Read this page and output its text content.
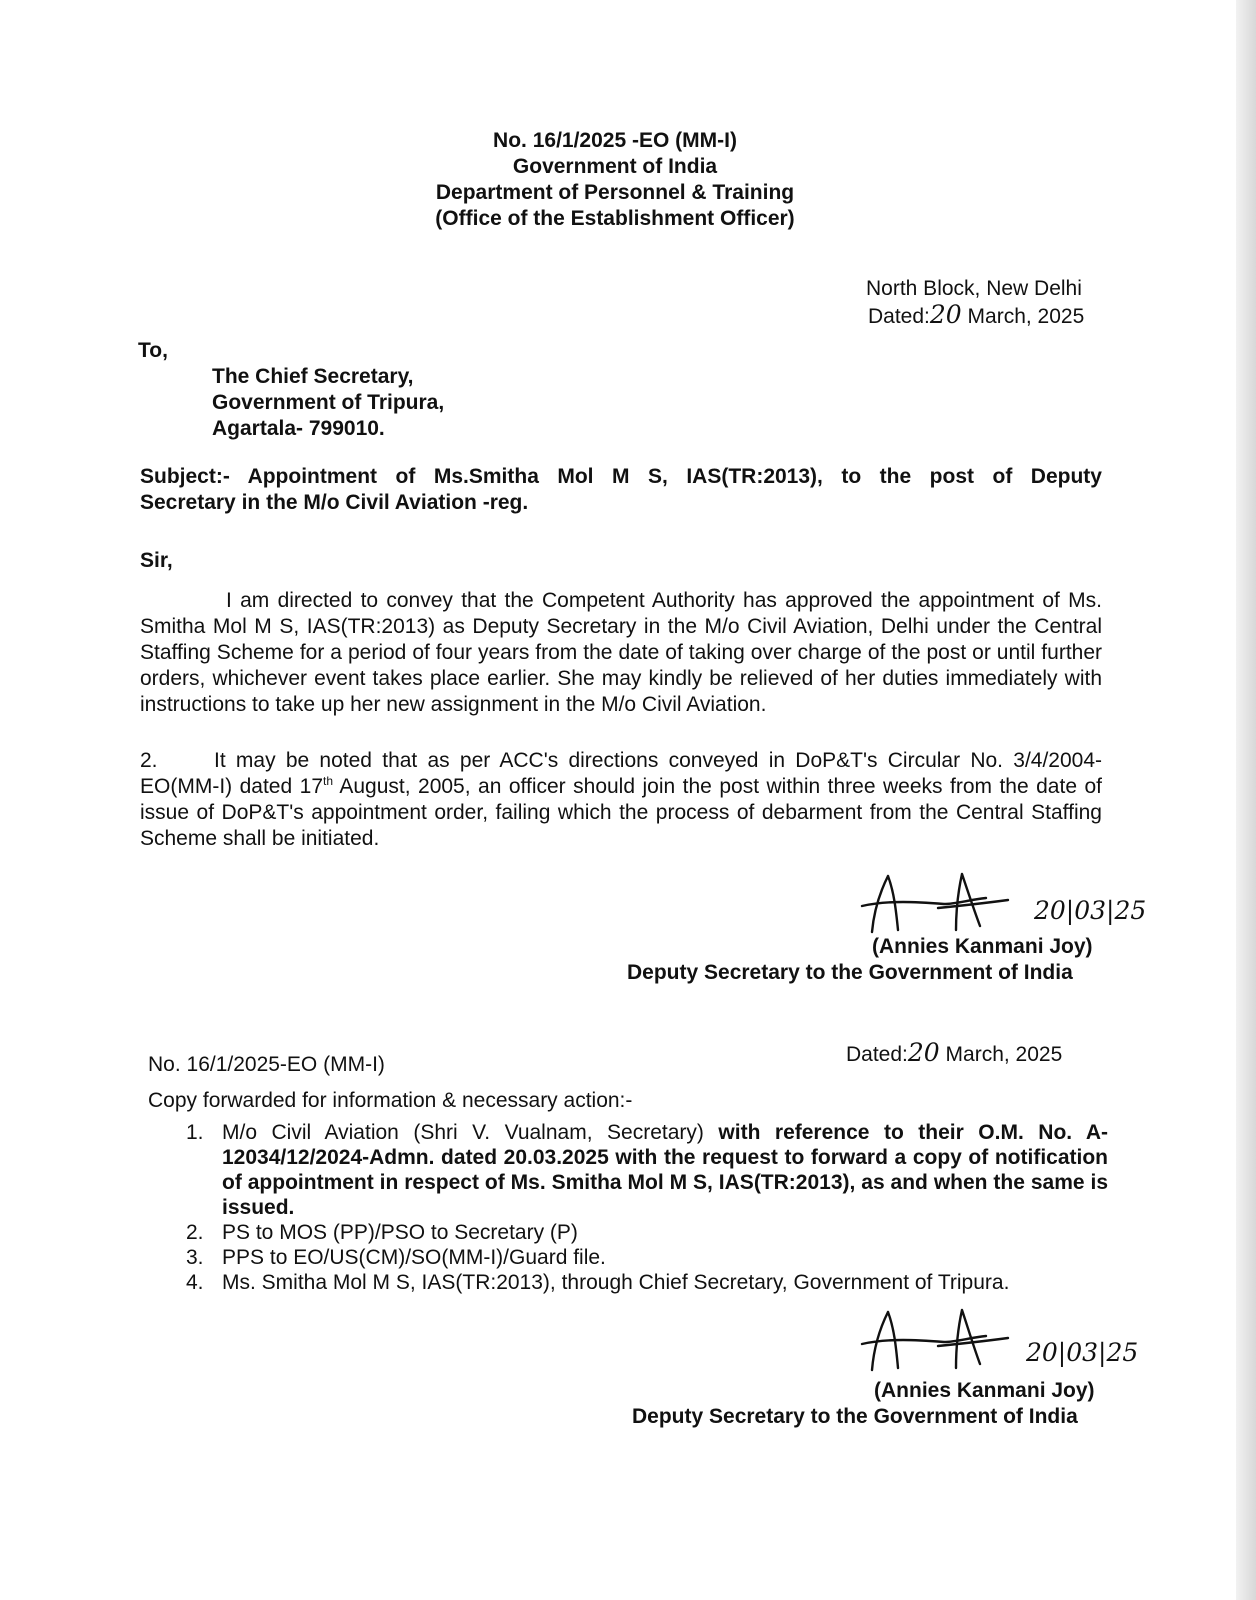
No. 16/1/2025 -EO (MM-I)
Government of India
Department of Personnel & Training
(Office of the Establishment Officer)
North Block, New Delhi
Dated:20 March, 2025
To,
The Chief Secretary,
Government of Tripura,
Agartala- 799010.
Subject:- Appointment of Ms.Smitha Mol M S, IAS(TR:2013), to the post of Deputy
Secretary in the M/o Civil Aviation -reg.
Sir,
I am directed to convey that the Competent Authority has approved the appointment of Ms. Smitha Mol M S, IAS(TR:2013) as Deputy Secretary in the M/o Civil Aviation, Delhi under the Central Staffing Scheme for a period of four years from the date of taking over charge of the post or until further orders, whichever event takes place earlier. She may kindly be relieved of her duties immediately with instructions to take up her new assignment in the M/o Civil Aviation.
2.	It may be noted that as per ACC's directions conveyed in DoP&T's Circular No. 3/4/2004-EO(MM-I) dated 17th August, 2005, an officer should join the post within three weeks from the date of issue of DoP&T's appointment order, failing which the process of debarment from the Central Staffing Scheme shall be initiated.
20|03|25
(Annies Kanmani Joy)
Deputy Secretary to the Government of India
No. 16/1/2025-EO (MM-I)	Dated:20 March, 2025
Copy forwarded for information & necessary action:-
1. M/o Civil Aviation (Shri V. Vualnam, Secretary) with reference to their O.M. No. A-12034/12/2024-Admn. dated 20.03.2025 with the request to forward a copy of notification of appointment in respect of Ms. Smitha Mol M S, IAS(TR:2013), as and when the same is issued.
2. PS to MOS (PP)/PSO to Secretary (P)
3. PPS to EO/US(CM)/SO(MM-I)/Guard file.
4. Ms. Smitha Mol M S, IAS(TR:2013), through Chief Secretary, Government of Tripura.
20|03|25
(Annies Kanmani Joy)
Deputy Secretary to the Government of India
